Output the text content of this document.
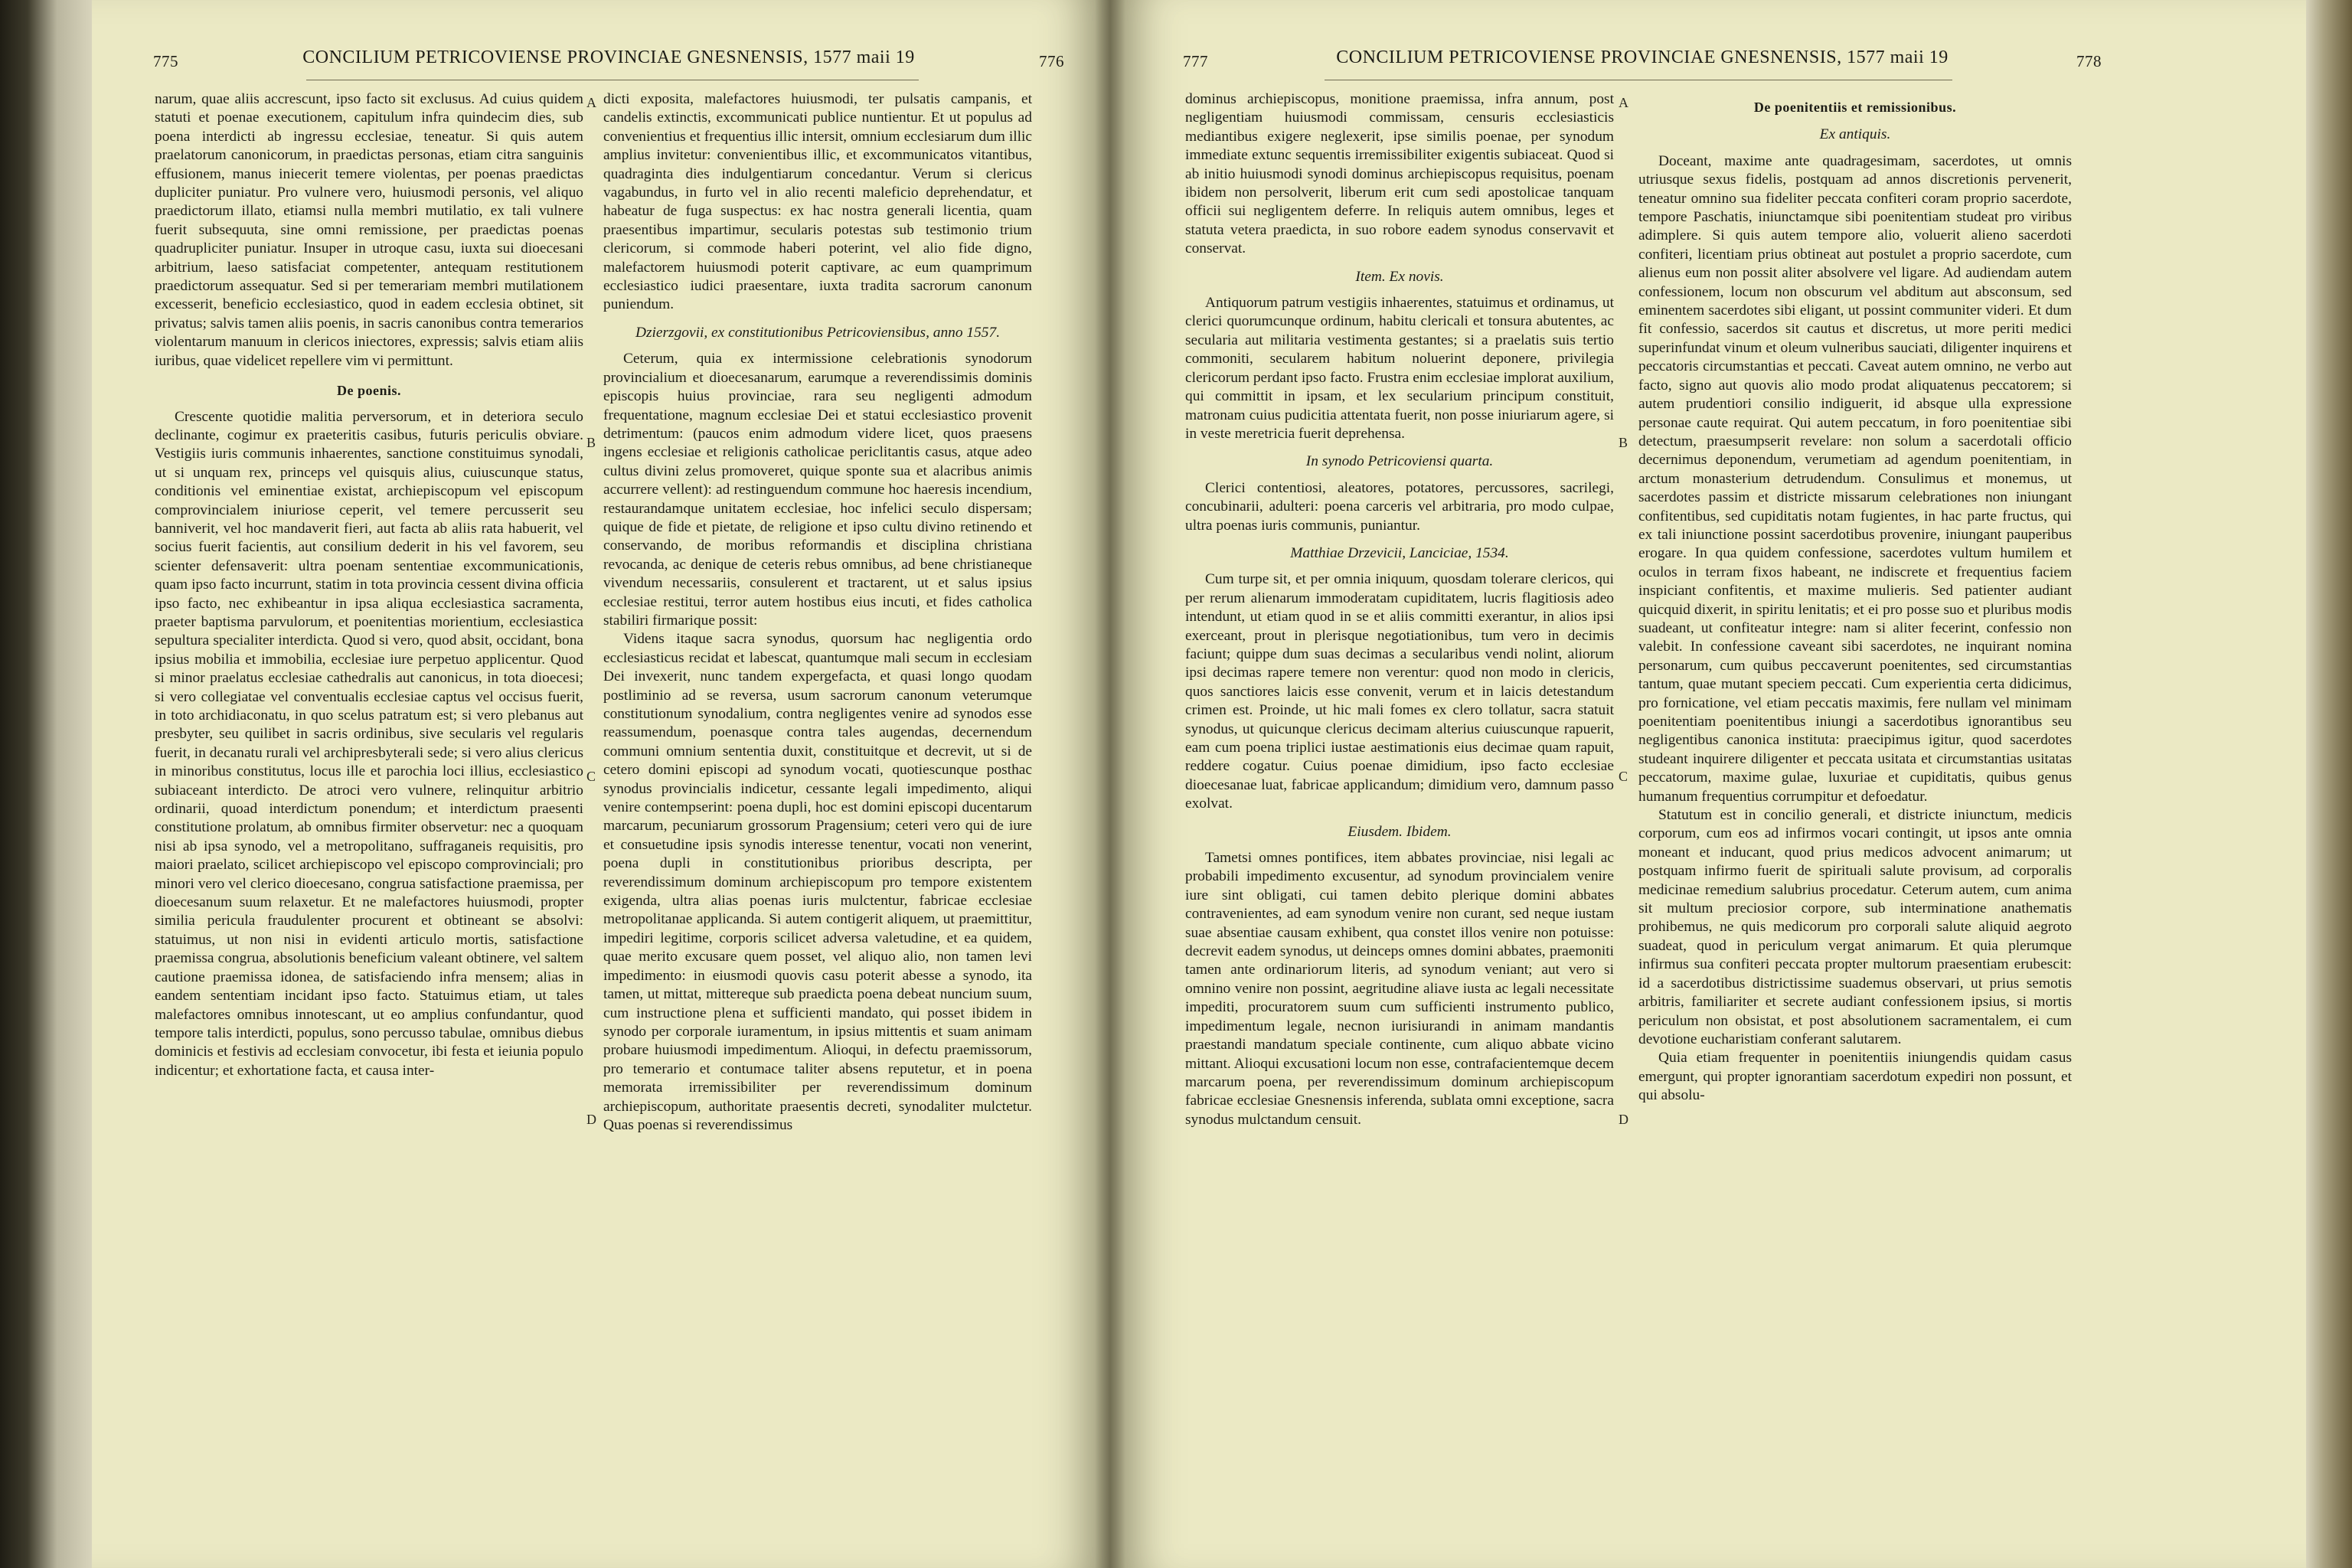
775	CONCILIUM PETRICOVIENSE PROVINCIAE GNESNENSIS, 1577 maii 19	776

narum, quae aliis accrescunt, ipso facto sit exclusus. Ad cuius quidem statuti et poenae executionem, capitulum infra quindecim dies, sub poena interdicti ab ingressu ecclesiae, teneatur. Si quis autem praelatorum canonicorum, in praedictas personas, etiam citra sanguinis effusionem, manus iniecerit temere violentas, per poenas praedictas dupliciter puniatur. Pro vulnere vero, huiusmodi personis, vel aliquo praedictorum illato, etiamsi nulla membri mutilatio, ex tali vulnere fuerit subsequuta, sine omni remissione, per praedictas poenas quadrupliciter puniatur. Insuper in utroque casu, iuxta sui dioecesani arbitrium, laeso satisfaciat competenter, antequam restitutionem praedictorum assequatur. Sed si per temerariam membri mutilationem excesserit, beneficio ecclesiastico, quod in eadem ecclesia obtinet, sit privatus; salvis tamen aliis poenis, in sacris canonibus contra temerarios violentarum manuum in clericos iniectores, expressis; salvis etiam aliis iuribus, quae videlicet repellere vim vi permittunt.

De poenis.

Crescente quotidie malitia perversorum, et in deteriora seculo declinante, cogimur ex praeteritis casibus, futuris periculis obviare. Vestigiis iuris communis inhaerentes, sanctione constituimus synodali, ut si unquam rex, princeps vel quisquis alius, cuiuscunque status, conditionis vel eminentiae existat, archiepiscopum vel episcopum comprovincialem iniuriose ceperit, vel temere percusserit seu banniverit, vel hoc mandaverit fieri, aut facta ab aliis rata habuerit, vel socius fuerit facientis, aut consilium dederit in his vel favorem, seu scienter defensaverit: ultra poenam sententiae excommunicationis, quam ipso facto incurrunt, statim in tota provincia cessent divina officia ipso facto, nec exhibeantur in ipsa aliqua ecclesiastica sacramenta, praeter baptisma parvulorum, et poenitentias morientium, ecclesiastica sepultura specialiter interdicta. Quod si vero, quod absit, occidant, bona ipsius mobilia et immobilia, ecclesiae iure perpetuo applicentur. Quod si minor praelatus ecclesiae cathedralis aut canonicus, in tota dioecesi; si vero collegiatae vel conventualis ecclesiae captus vel occisus fuerit, in toto archidiaconatu, in quo scelus patratum est; si vero plebanus aut presbyter, seu quilibet in sacris ordinibus, sive secularis vel regularis fuerit, in decanatu rurali vel archipresbyterali sede; si vero alius clericus in minoribus constitutus, locus ille et parochia loci illius, ecclesiastico subiaceant interdicto. De atroci vero vulnere, relinquitur arbitrio ordinarii, quoad interdictum ponendum; et interdictum praesenti constitutione prolatum, ab omnibus firmiter observetur: nec a quoquam nisi ab ipsa synodo, vel a metropolitano, suffraganeis requisitis, pro maiori praelato, scilicet archiepiscopo vel episcopo comprovinciali; pro minori vero vel clerico dioecesano, congrua satisfactione praemissa, per dioecesanum suum relaxetur. Et ne malefactores huiusmodi, propter similia pericula fraudulenter procurent et obtineant se absolvi: statuimus, ut non nisi in evidenti articulo mortis, satisfactione praemissa congrua, absolutionis beneficium valeant obtinere, vel saltem cautione praemissa idonea, de satisfaciendo infra mensem; alias in eandem sententiam incidant ipso facto. Statuimus etiam, ut tales malefactores omnibus innotescant, ut eo amplius confundantur, quod tempore talis interdicti, populus, sono percusso tabulae, omnibus diebus dominicis et festivis ad ecclesiam convocetur, ibi festa et ieiunia populo indicentur; et exhortatione facta, et causa inter-

A
B
C
D

dicti exposita, malefactores huiusmodi, ter pulsatis campanis, et candelis extinctis, excommunicati publice nuntientur. Et ut populus ad convenientius et frequentius illic intersit, omnium ecclesiarum dum illic amplius invitetur: convenientibus illic, et excommunicatos vitantibus, quadraginta dies indulgentiarum concedantur. Verum si clericus vagabundus, in furto vel in alio recenti maleficio deprehendatur, et habeatur de fuga suspectus: ex hac nostra generali licentia, quam praesentibus impartimur, secularis potestas sub testimonio trium clericorum, si commode haberi poterint, vel alio fide digno, malefactorem huiusmodi poterit captivare, ac eum quamprimum ecclesiastico iudici praesentare, iuxta tradita sacrorum canonum puniendum.

Dzierzgovii, ex constitutionibus Petricoviensibus, anno 1557.

Ceterum, quia ex intermissione celebrationis synodorum provincialium et dioecesanarum, earumque a reverendissimis dominis episcopis huius provinciae, rara seu negligenti admodum frequentatione, magnum ecclesiae Dei et statui ecclesiastico provenit detrimentum: (paucos enim admodum videre licet, quos praesens ingens ecclesiae et religionis catholicae periclitantis casus, atque adeo cultus divini zelus promoveret, quique sponte sua et alacribus animis accurrere vellent): ad restinguendum commune hoc haeresis incendium, restaurandamque unitatem ecclesiae, hoc infelici seculo dispersam; quique de fide et pietate, de religione et ipso cultu divino retinendo et conservando, de moribus reformandis et disciplina christiana revocanda, ac denique de ceteris rebus omnibus, ad bene christianeque vivendum necessariis, consulerent et tractarent, ut et salus ipsius ecclesiae restitui, terror autem hostibus eius incuti, et fides catholica stabiliri firmarique possit:

Videns itaque sacra synodus, quorsum hac negligentia ordo ecclesiasticus recidat et labescat, quantumque mali secum in ecclesiam Dei invexerit, nunc tandem expergefacta, et quasi longo quodam postliminio ad se reversa, usum sacrorum canonum veterumque constitutionum synodalium, contra negligentes venire ad synodos esse reassumendum, poenasque contra tales augendas, decernendum communi omnium sententia duxit, constituitque et decrevit, ut si de cetero domini episcopi ad synodum vocati, quotiescunque posthac synodus provincialis indicetur, cessante legali impedimento, aliqui venire contempserint: poena dupli, hoc est domini episcopi ducentarum marcarum, pecuniarum grossorum Pragensium; ceteri vero qui de iure et consuetudine ipsis synodis interesse tenentur, vocati non venerint, poena dupli in constitutionibus prioribus descripta, per reverendissimum dominum archiepiscopum pro tempore existentem exigenda, ultra alias poenas iuris mulctentur, fabricae ecclesiae metropolitanae applicanda. Si autem contigerit aliquem, ut praemittitur, impediri legitime, corporis scilicet adversa valetudine, et ea quidem, quae merito excusare quem posset, vel aliquo alio, non tamen levi impedimento: in eiusmodi quovis casu poterit abesse a synodo, ita tamen, ut mittat, mittereque sub praedicta poena debeat nuncium suum, cum instructione plena et sufficienti mandato, qui posset ibidem in synodo per corporale iuramentum, in ipsius mittentis et suam animam probare huiusmodi impedimentum. Alioqui, in defectu praemissorum, pro temerario et contumace taliter absens reputetur, et in poena memorata irremissibiliter per reverendissimum dominum archiepiscopum, authoritate praesentis decreti, synodaliter mulctetur. Quas poenas si reverendissimus

777	CONCILIUM PETRICOVIENSE PROVINCIAE GNESNENSIS, 1577 maii 19	778

dominus archiepiscopus, monitione praemissa, infra annum, post negligentiam huiusmodi commissam, censuris ecclesiasticis mediantibus exigere neglexerit, ipse similis poenae, per synodum immediate extunc sequentis irremissibiliter exigentis subiaceat. Quod si ab initio huiusmodi synodi dominus archiepiscopus requisitus, poenam ibidem non persolverit, liberum erit cum sedi apostolicae tanquam officii sui negligentem deferre. In reliquis autem omnibus, leges et statuta vetera praedicta, in suo robore eadem synodus conservavit et conservat.

Item. Ex novis.

Antiquorum patrum vestigiis inhaerentes, statuimus et ordinamus, ut clerici quorumcunque ordinum, habitu clericali et tonsura abutentes, ac secularia aut militaria vestimenta gestantes; si a praelatis suis tertio commoniti, secularem habitum noluerint deponere, privilegia clericorum perdant ipso facto. Frustra enim ecclesiae implorat auxilium, qui committit in ipsam, et lex secularium principum constituit, matronam cuius pudicitia attentata fuerit, non posse iniuriarum agere, si in veste meretricia fuerit deprehensa.

In synodo Petricoviensi quarta.

Clerici contentiosi, aleatores, potatores, percussores, sacrilegi, concubinarii, adulteri: poena carceris vel arbitraria, pro modo culpae, ultra poenas iuris communis, puniantur.

Matthiae Drzevicii, Lanciciae, 1534.

Cum turpe sit, et per omnia iniquum, quosdam tolerare clericos, qui per rerum alienarum immoderatam cupiditatem, lucris flagitiosis adeo intendunt, ut etiam quod in se et aliis committi exerantur, in alios ipsi exerceant, prout in plerisque negotiationibus, tum vero in decimis faciunt; quippe dum suas decimas a secularibus vendi nolint, aliorum ipsi decimas rapere temere non verentur: quod non modo in clericis, quos sanctiores laicis esse convenit, verum et in laicis detestandum crimen est. Proinde, ut hic mali fomes ex clero tollatur, sacra statuit synodus, ut quicunque clericus decimam alterius cuiuscunque rapuerit, eam cum poena triplici iustae aestimationis eius decimae quam rapuit, reddere cogatur. Cuius poenae dimidium, ipso facto ecclesiae dioecesanae luat, fabricae applicandum; dimidium vero, damnum passo exolvat.

Eiusdem. Ibidem.

Tametsi omnes pontifices, item abbates provinciae, nisi legali ac probabili impedimento excusentur, ad synodum provincialem venire iure sint obligati, cui tamen debito plerique domini abbates contravenientes, ad eam synodum venire non curant, sed neque iustam suae absentiae causam exhibent, qua constet illos venire non potuisse: decrevit eadem synodus, ut deinceps omnes domini abbates, praemoniti tamen ante ordinariorum literis, ad synodum veniant; aut vero si omnino venire non possint, aegritudine aliave iusta ac legali necessitate impediti, procuratorem suum cum sufficienti instrumento publico, impedimentum legale, necnon iurisiurandi in animam mandantis praestandi mandatum speciale continente, cum aliquo abbate vicino mittant. Alioqui excusationi locum non esse, contrafacientemque decem marcarum poena, per reverendissimum dominum archiepiscopum fabricae ecclesiae Gnesnensis inferenda, sublata omni exceptione, sacra synodus mulctandum censuit.

A
B
C
D

De poenitentiis et remissionibus.

Ex antiquis.

Doceant, maxime ante quadragesimam, sacerdotes, ut omnis utriusque sexus fidelis, postquam ad annos discretionis pervenerit, teneatur omnino sua fideliter peccata confiteri coram proprio sacerdote, tempore Paschatis, iniunctamque sibi poenitentiam studeat pro viribus adimplere. Si quis autem tempore alio, voluerit alieno sacerdoti confiteri, licentiam prius obtineat aut postulet a proprio sacerdote, cum alienus eum non possit aliter absolvere vel ligare. Ad audiendam autem confessionem, locum non obscurum vel abditum aut absconsum, sed eminentem sacerdotes sibi eligant, ut possint communiter videri. Et dum fit confessio, sacerdos sit cautus et discretus, ut more periti medici superinfundat vinum et oleum vulneribus sauciati, diligenter inquirens et peccatoris circumstantias et peccati. Caveat autem omnino, ne verbo aut facto, signo aut quovis alio modo prodat aliquatenus peccatorem; si autem prudentiori consilio indiguerit, id absque ulla expressione personae caute requirat. Qui autem peccatum, in foro poenitentiae sibi detectum, praesumpserit revelare: non solum a sacerdotali officio decernimus deponendum, verumetiam ad agendum poenitentiam, in arctum monasterium detrudendum. Consulimus et monemus, ut sacerdotes passim et districte missarum celebrationes non iniungant confitentibus, sed cupiditatis notam fugientes, in hac parte fructus, qui ex tali iniunctione possint sacerdotibus provenire, iniungant pauperibus erogare. In qua quidem confessione, sacerdotes vultum humilem et oculos in terram fixos habeant, ne indiscrete et frequentius faciem inspiciant confitentis, et maxime mulieris. Sed patienter audiant quicquid dixerit, in spiritu lenitatis; et ei pro posse suo et pluribus modis suadeant, ut confiteatur integre: nam si aliter fecerint, confessio non valebit. In confessione caveant sibi sacerdotes, ne inquirant nomina personarum, cum quibus peccaverunt poenitentes, sed circumstantias tantum, quae mutant speciem peccati. Cum experientia certa didicimus, pro fornicatione, vel etiam peccatis maximis, fere nullam vel minimam poenitentiam poenitentibus iniungi a sacerdotibus ignorantibus seu negligentibus canonica instituta: praecipimus igitur, quod sacerdotes studeant inquirere diligenter et peccata usitata et circumstantias usitatas peccatorum, maxime gulae, luxuriae et cupiditatis, quibus genus humanum frequentius corrumpitur et defoedatur.

Statutum est in concilio generali, et districte iniunctum, medicis corporum, cum eos ad infirmos vocari contingit, ut ipsos ante omnia moneant et inducant, quod prius medicos advocent animarum; ut postquam infirmo fuerit de spirituali salute provisum, ad corporalis medicinae remedium salubrius procedatur. Ceterum autem, cum anima sit multum preciosior corpore, sub interminatione anathematis prohibemus, ne quis medicorum pro corporali salute aliquid aegroto suadeat, quod in periculum vergat animarum. Et quia plerumque infirmus sua confiteri peccata propter multorum praesentiam erubescit: id a sacerdotibus districtissime suademus observari, ut prius semotis arbitris, familiariter et secrete audiant confessionem ipsius, si mortis periculum non obsistat, et post absolutionem sacramentalem, ei cum devotione eucharistiam conferant salutarem.

Quia etiam frequenter in poenitentiis iniungendis quidam casus emergunt, qui propter ignorantiam sacerdotum expediri non possunt, et qui absolu-
